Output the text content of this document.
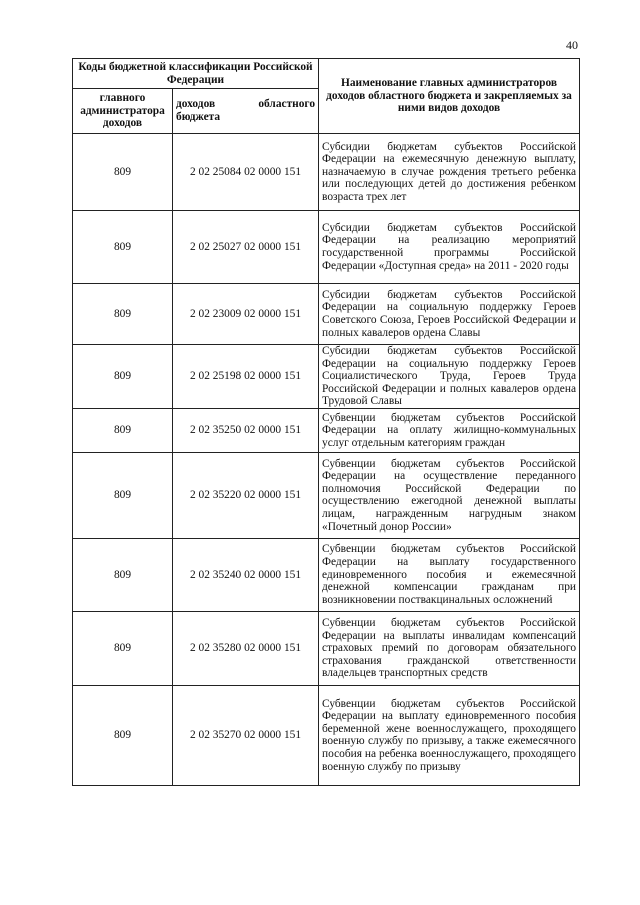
40
Коды бюджетной классификации Российской Федерации		Наименование главных администраторов доходов областного бюджета и закрепляемых за ними видов доходов
главного администратора доходов	доходов областного
бюджета	

809	2 02 25084 02 0000 151	Субсидии бюджетам субъектов Российской Федерации на ежемесячную денежную выплату, назначаемую в случае рождения третьего ребенка или последующих детей до достижения ребенком возраста трех лет
809	2 02 25027 02 0000 151	Субсидии бюджетам субъектов Российской Федерации на реализацию мероприятий государственной программы Российской Федерации «Доступная среда» на 2011 - 2020 годы
809	2 02 23009 02 0000 151	Субсидии бюджетам субъектов Российской Федерации на социальную поддержку Героев Советского Союза, Героев Российской Федерации и полных кавалеров ордена Славы
809	2 02 25198 02 0000 151	Субсидии бюджетам субъектов Российской Федерации на социальную поддержку Героев Социалистического Труда, Героев Труда Российской Федерации и полных кавалеров ордена Трудовой Славы
809	2 02 35250 02 0000 151	Субвенции бюджетам субъектов Российской Федерации на оплату жилищно-коммунальных услуг отдельным категориям граждан
809	2 02 35220 02 0000 151	Субвенции бюджетам субъектов Российской Федерации на осуществление переданного полномочия Российской Федерации по осуществлению ежегодной денежной выплаты лицам, награжденным нагрудным знаком «Почетный донор России»
809	2 02 35240 02 0000 151	Субвенции бюджетам субъектов Российской Федерации на выплату государственного единовременного пособия и ежемесячной денежной компенсации гражданам при возникновении поствакцинальных осложнений
809	2 02 35280 02 0000 151	Субвенции бюджетам субъектов Российской Федерации на выплаты инвалидам компенсаций страховых премий по договорам обязательного страхования гражданской ответственности владельцев транспортных средств
809	2 02 35270 02 0000 151	Субвенции бюджетам субъектов Российской Федерации на выплату единовременного пособия беременной жене военнослужащего, проходящего военную службу по призыву, а также ежемесячного пособия на ребенка военнослужащего, проходящего военную службу по призыву
